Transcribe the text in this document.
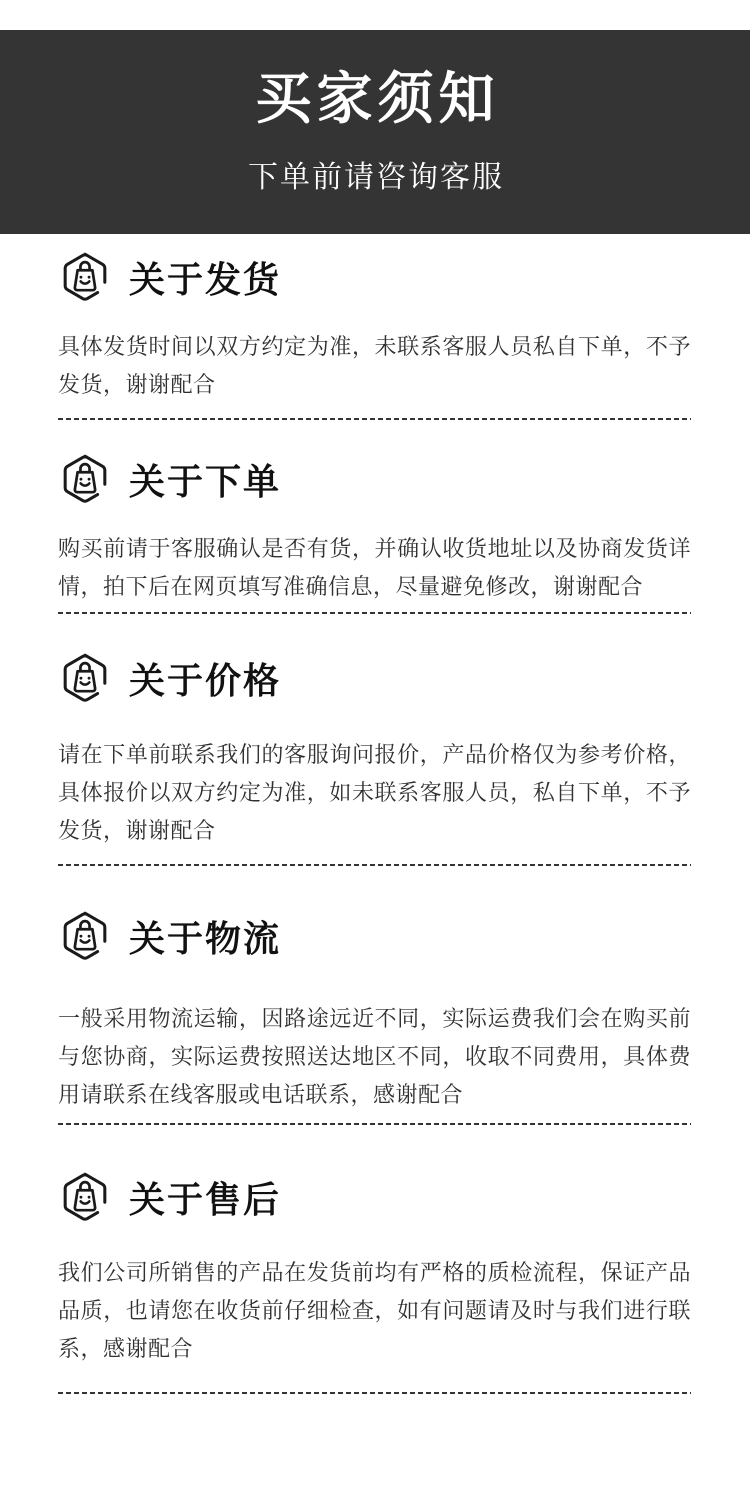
买家须知

下单前请咨询客服

关于发货

具体发货时间以双方约定为准，未联系客服人员私自下单，不予发货，谢谢配合

关于下单

购买前请于客服确认是否有货，并确认收货地址以及协商发货详情，拍下后在网页填写准确信息，尽量避免修改，谢谢配合

关于价格

请在下单前联系我们的客服询问报价，产品价格仅为参考价格，具体报价以双方约定为准，如未联系客服人员，私自下单，不予发货，谢谢配合

关于物流

一般采用物流运输，因路途远近不同，实际运费我们会在购买前与您协商，实际运费按照送达地区不同，收取不同费用，具体费用请联系在线客服或电话联系，感谢配合

关于售后

我们公司所销售的产品在发货前均有严格的质检流程，保证产品品质，也请您在收货前仔细检查，如有问题请及时与我们进行联系，感谢配合
